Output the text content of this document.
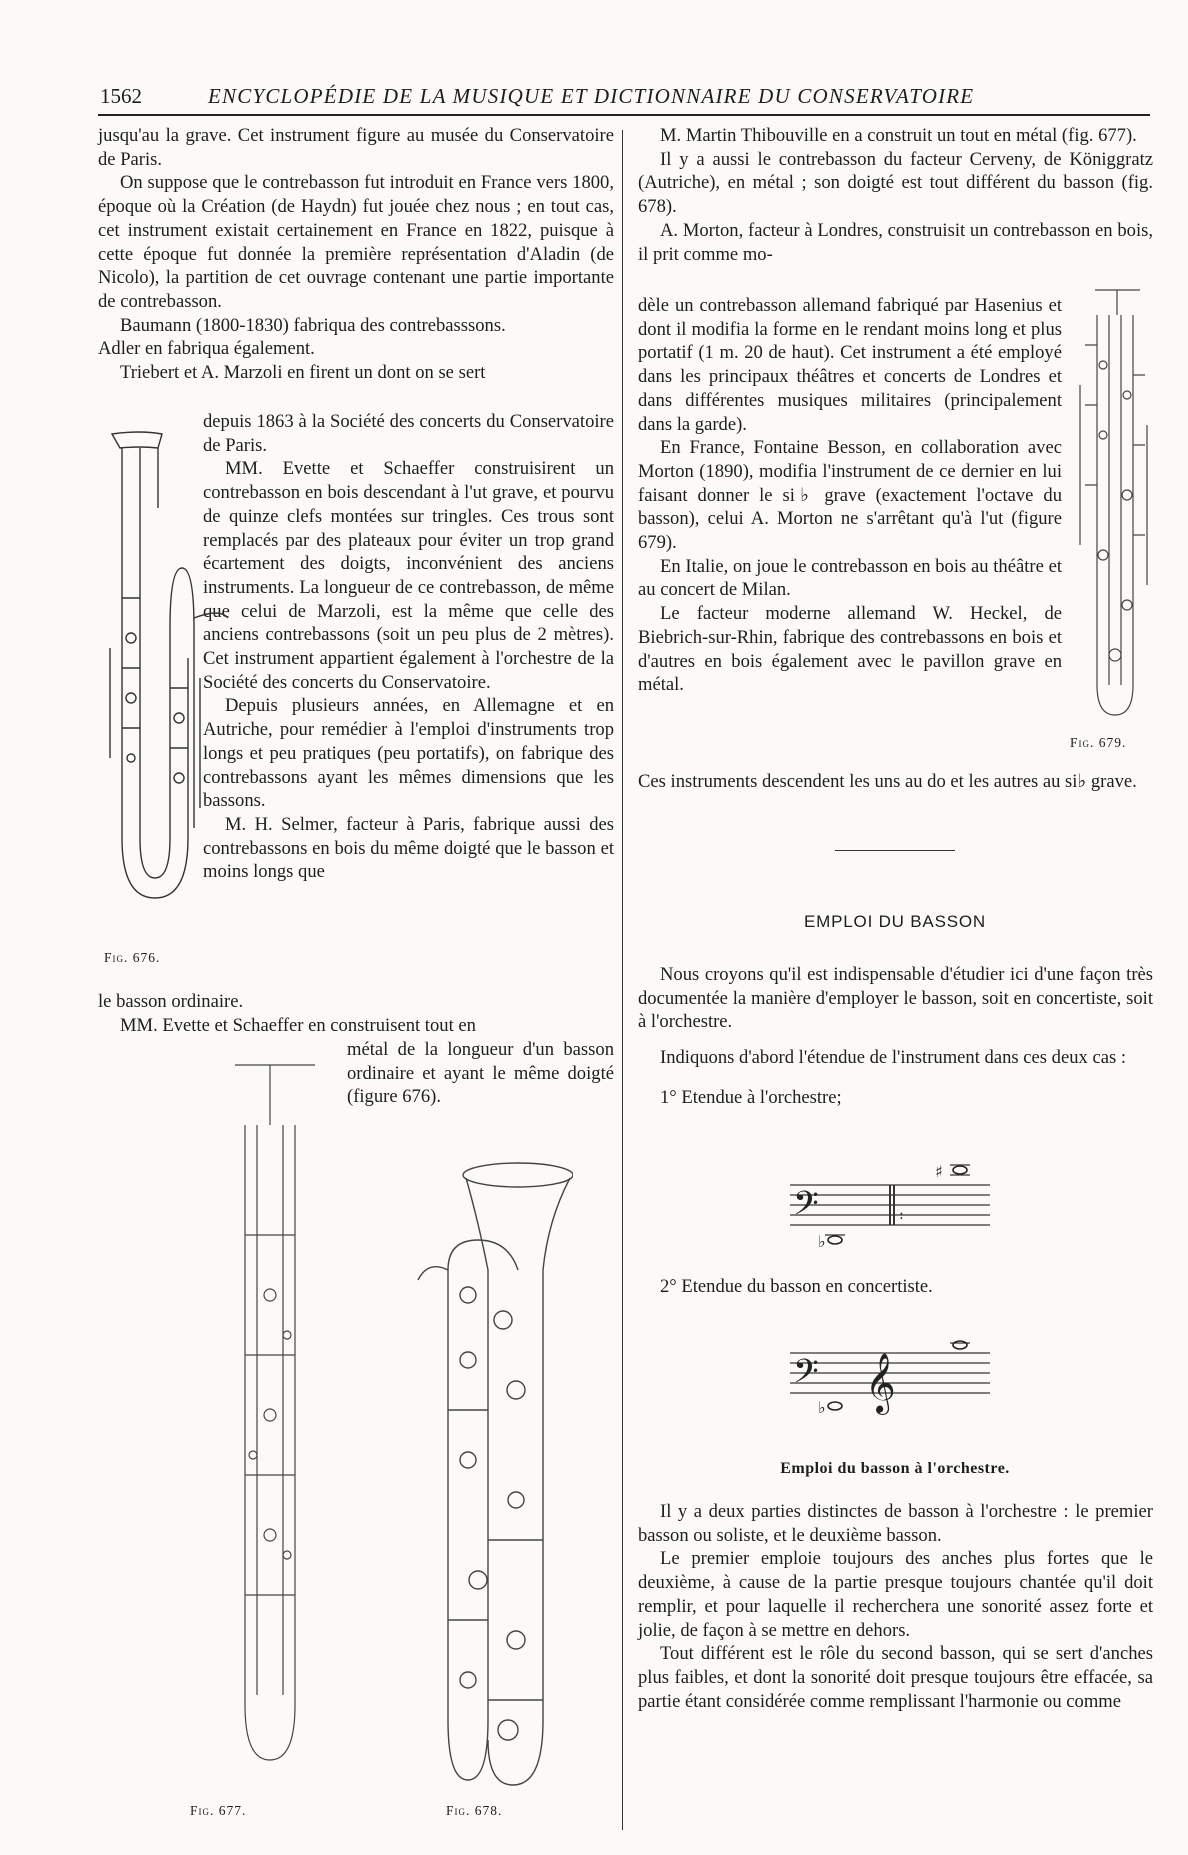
1562	ENCYCLOPÉDIE DE LA MUSIQUE ET DICTIONNAIRE DU CONSERVATOIRE

jusqu'au la grave. Cet instrument figure au musée du Conservatoire de Paris.

On suppose que le contrebasson fut introduit en France vers 1800, époque où la Création (de Haydn) fut jouée chez nous ; en tout cas, cet instrument existait certainement en France en 1822, puisque à cette époque fut donnée la première représentation d'Aladin (de Nicolo), la partition de cet ouvrage contenant une partie importante de contrebasson.

Baumann (1800-1830) fabriqua des contrebasssons.

Adler en fabriqua également.

Triebert et A. Marzoli en firent un dont on se sert

depuis 1863 à la Société des concerts du Conservatoire de Paris.

MM. Evette et Schaeffer construisirent un contrebasson en bois descendant à l'ut grave, et pourvu de quinze clefs montées sur tringles. Ces trous sont remplacés par des plateaux pour éviter un trop grand écartement des doigts, inconvénient des anciens instruments. La longueur de ce contrebasson, de même que celui de Marzoli, est la même que celle des anciens contrebassons (soit un peu plus de 2 mètres). Cet instrument appartient également à l'orchestre de la Société des concerts du Conservatoire.

Depuis plusieurs années, en Allemagne et en Autriche, pour remédier à l'emploi d'instruments trop longs et peu pratiques (peu portatifs), on fabrique des contrebassons ayant les mêmes dimensions que les bassons.

M. H. Selmer, facteur à Paris, fabrique aussi des contrebassons en bois du même doigté que le basson et moins longs que

le basson ordinaire.

MM. Evette et Schaeffer en construisent tout en

métal de la longueur d'un basson ordinaire et ayant le même doigté (figure 676).

Fig. 676.
Fig. 677.	Fig. 678.

M. Martin Thibouville en a construit un tout en métal (fig. 677).

Il y a aussi le contrebasson du facteur Cerveny, de Königgratz (Autriche), en métal ; son doigté est tout différent du basson (fig. 678).

A. Morton, facteur à Londres, construisit un contrebasson en bois, il prit comme mo-

dèle un contrebasson allemand fabriqué par Hasenius et dont il modifia la forme en le rendant moins long et plus portatif (1 m. 20 de haut). Cet instrument a été employé dans les principaux théâtres et concerts de Londres et dans différentes musiques militaires (principalement dans la garde).

En France, Fontaine Besson, en collaboration avec Morton (1890), modifia l'instrument de ce dernier en lui faisant donner le si♭ grave (exactement l'octave du basson), celui A. Morton ne s'arrêtant qu'à l'ut (figure 679).

En Italie, on joue le contrebasson en bois au théâtre et au concert de Milan.

Le facteur moderne allemand W. Heckel, de Biebrich-sur-Rhin, fabrique des contrebassons en bois et d'autres en bois également avec le pavillon grave en métal.

Ces instruments descendent les uns au do et les autres au si♭ grave.

Fig. 679.
EMPLOI DU BASSON

Nous croyons qu'il est indispensable d'étudier ici d'une façon très documentée la manière d'employer le basson, soit en concertiste, soit à l'orchestre.

Indiquons d'abord l'étendue de l'instrument dans ces deux cas :

1° Etendue à l'orchestre;

𝄢
♭
♯
:

2° Etendue du basson en concertiste.

𝄢 𝄞
♭
Emploi du basson à l'orchestre.

Il y a deux parties distinctes de basson à l'orchestre : le premier basson ou soliste, et le deuxième basson.

Le premier emploie toujours des anches plus fortes que le deuxième, à cause de la partie presque toujours chantée qu'il doit remplir, et pour laquelle il recherchera une sonorité assez forte et jolie, de façon à se mettre en dehors.

Tout différent est le rôle du second basson, qui se sert d'anches plus faibles, et dont la sonorité doit presque toujours être effacée, sa partie étant considérée comme remplissant l'harmonie ou comme
